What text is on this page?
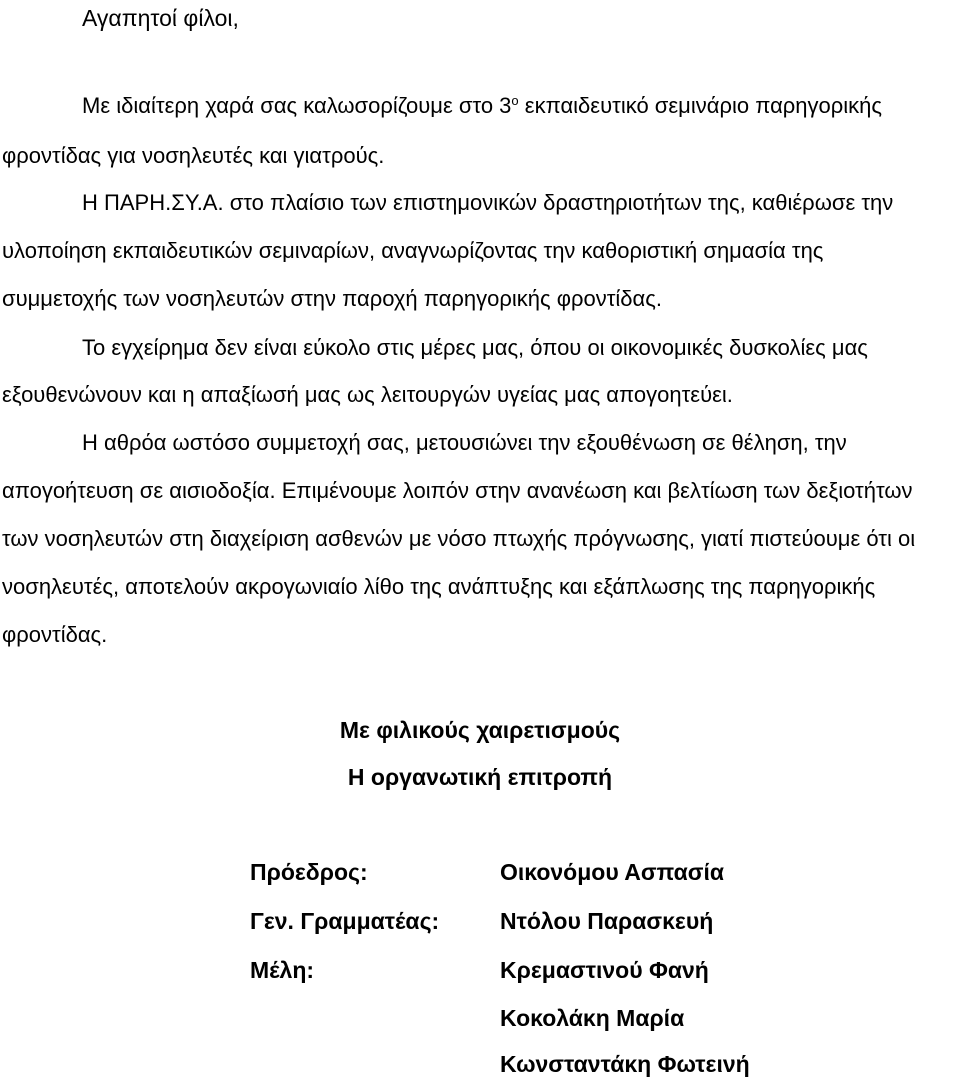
Αγαπητοί φίλοι,

Με ιδιαίτερη χαρά σας καλωσορίζουμε στο $3^o$ εκπαιδευτικό σεμινάριο παρηγορικής

φροντίδας για νοσηλευτές και γιατρούς.

Η ΠΑΡΗ.ΣΥ.Α. στο πλαίσιο των επιστημονικών δραστηριοτήτων της, καθιέρωσε την

υλοποίηση εκπαιδευτικών σεμιναρίων, αναγνωρίζοντας την καθοριστική σημασία της

συμμετοχής των νοσηλευτών στην παροχή παρηγορικής φροντίδας.

Το εγχείρημα δεν είναι εύκολο στις μέρες μας, όπου οι οικονομικές δυσκολίες μας

εξουθενώνουν και η απαξίωσή μας ως λειτουργών υγείας μας απογοητεύει.

Η αθρόα ωστόσο συμμετοχή σας, μετουσιώνει την εξουθένωση σε θέληση, την

απογοήτευση σε αισιοδοξία. Επιμένουμε λοιπόν στην ανανέωση και βελτίωση των δεξιοτήτων

των νοσηλευτών στη διαχείριση ασθενών με νόσο πτωχής πρόγνωσης, γιατί πιστεύουμε ότι οι

νοσηλευτές, αποτελούν ακρογωνιαίο λίθο της ανάπτυξης και εξάπλωσης της παρηγορικής

φροντίδας.

Με φιλικούς χαιρετισμούς

Η οργανωτική επιτροπή

Πρόεδρος:	Οικονόμου Ασπασία

Γεν. Γραμματέας:	Ντόλου Παρασκευή

Μέλη:	Κρεμαστινού Φανή

Κοκολάκη Μαρία

Κωνσταντάκη Φωτεινή
